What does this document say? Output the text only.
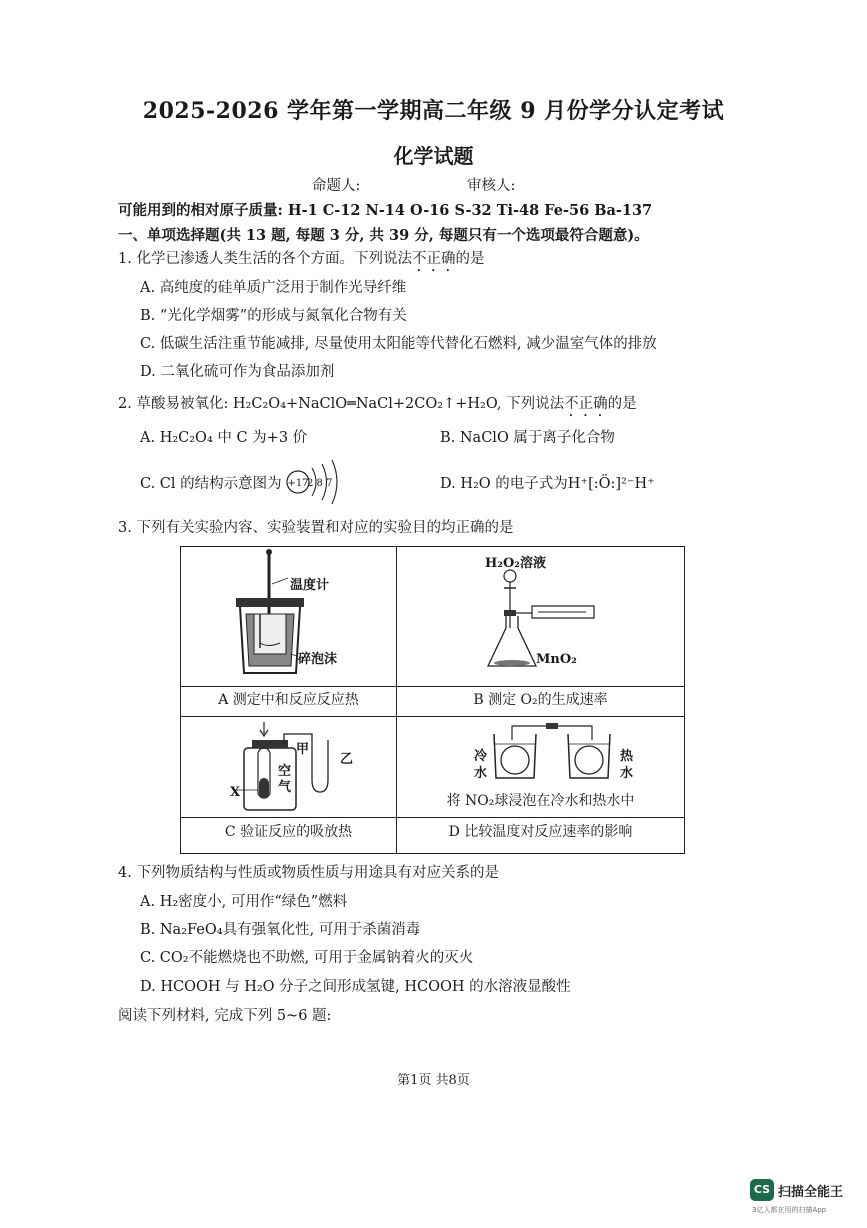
2025-2026 学年第一学期高二年级 9 月份学分认定考试
化学试题
命题人:	审核人:
可能用到的相对原子质量: H-1 C-12 N-14 O-16 S-32 Ti-48 Fe-56 Ba-137
一、单项选择题(共 13 题, 每题 3 分, 共 39 分, 每题只有一个选项最符合题意)。
1. 化学已渗透人类生活的各个方面。下列说法不正确的是
A. 高纯度的硅单质广泛用于制作光导纤维
B. “光化学烟雾”的形成与氮氧化合物有关
C. 低碳生活注重节能减排, 尽量使用太阳能等代替化石燃料, 减少温室气体的排放
D. 二氧化硫可作为食品添加剂
2. 草酸易被氧化: H₂C₂O₄+NaClO═NaCl+2CO₂↑+H₂O, 下列说法不正确的是
A. H₂C₂O₄ 中 C 为+3 价	B. NaClO 属于离子化合物
C. Cl 的结构示意图为 +17
2 8 7	D. H₂O 的电子式为H⁺[:Ö:]²⁻H⁺
3. 下列有关实验内容、实验装置和对应的实验目的均正确的是
温度计
碎泡沫
H₂O₂溶液
MnO₂
A 测定中和反应反应热	B 测定 O₂的生成速率
甲
乙
空
气
X
冷
水
热
水
将 NO₂球浸泡在冷水和热水中
C 验证反应的吸放热	D 比较温度对反应速率的影响
4. 下列物质结构与性质或物质性质与用途具有对应关系的是
A. H₂密度小, 可用作“绿色”燃料
B. Na₂FeO₄具有强氧化性, 可用于杀菌消毒
C. CO₂不能燃烧也不助燃, 可用于金属钠着火的灭火
D. HCOOH 与 H₂O 分子之间形成氢键, HCOOH 的水溶液显酸性
阅读下列材料, 完成下列 5~6 题:
第1页 共8页
CS 扫描全能王
3亿人都在用的扫描App
